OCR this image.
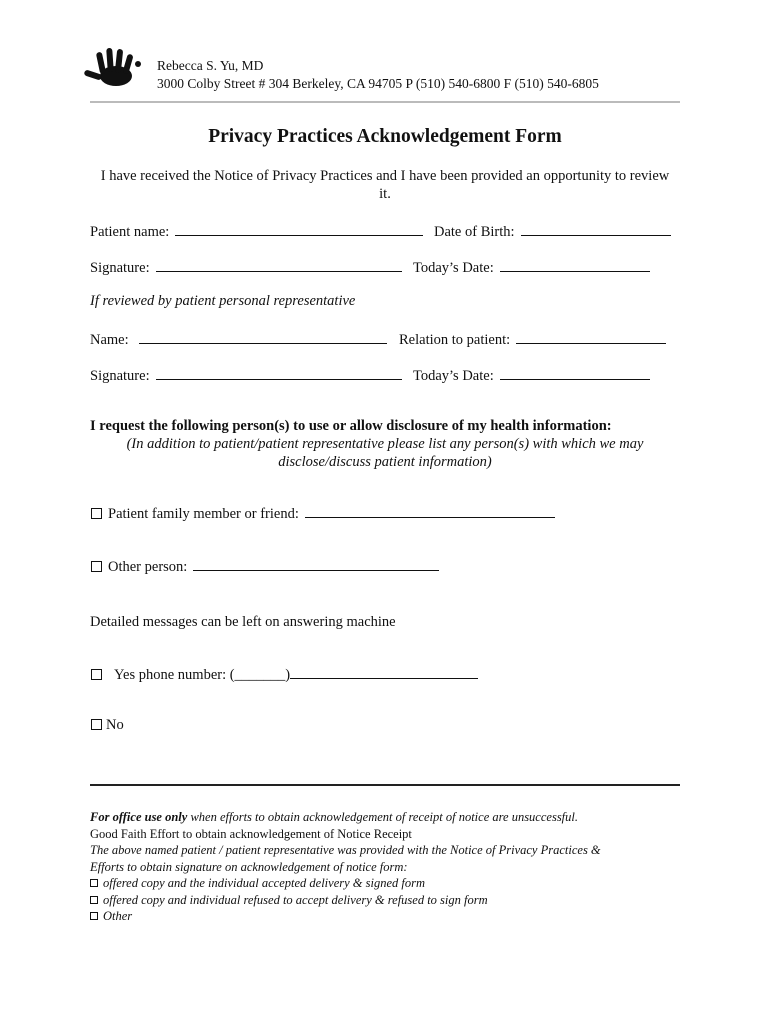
Rebecca S. Yu, MD
3000 Colby Street # 304 Berkeley, CA 94705 P (510) 540-6800 F (510) 540-6805
Privacy Practices Acknowledgement Form
I have received the Notice of Privacy Practices and I have been provided an opportunity to review it.
Patient name:	Date of Birth:
Signature:	Today’s Date:
If reviewed by patient personal representative
Name:	Relation to patient:
Signature:	Today’s Date:
I request the following person(s) to use or allow disclosure of my health information:
(In addition to patient/patient representative please list any person(s) with which we may
disclose/discuss patient information)
Patient family member or friend:
Other person:
Detailed messages can be left on answering machine
Yes phone number: (_______)
No
For office use only when efforts to obtain acknowledgement of receipt of notice are unsuccessful.
Good Faith Effort to obtain acknowledgement of Notice Receipt
The above named patient / patient representative was provided with the Notice of Privacy Practices &
Efforts to obtain signature on acknowledgement of notice form:
offered copy and the individual accepted delivery & signed form
offered copy and individual refused to accept delivery & refused to sign form
Other
